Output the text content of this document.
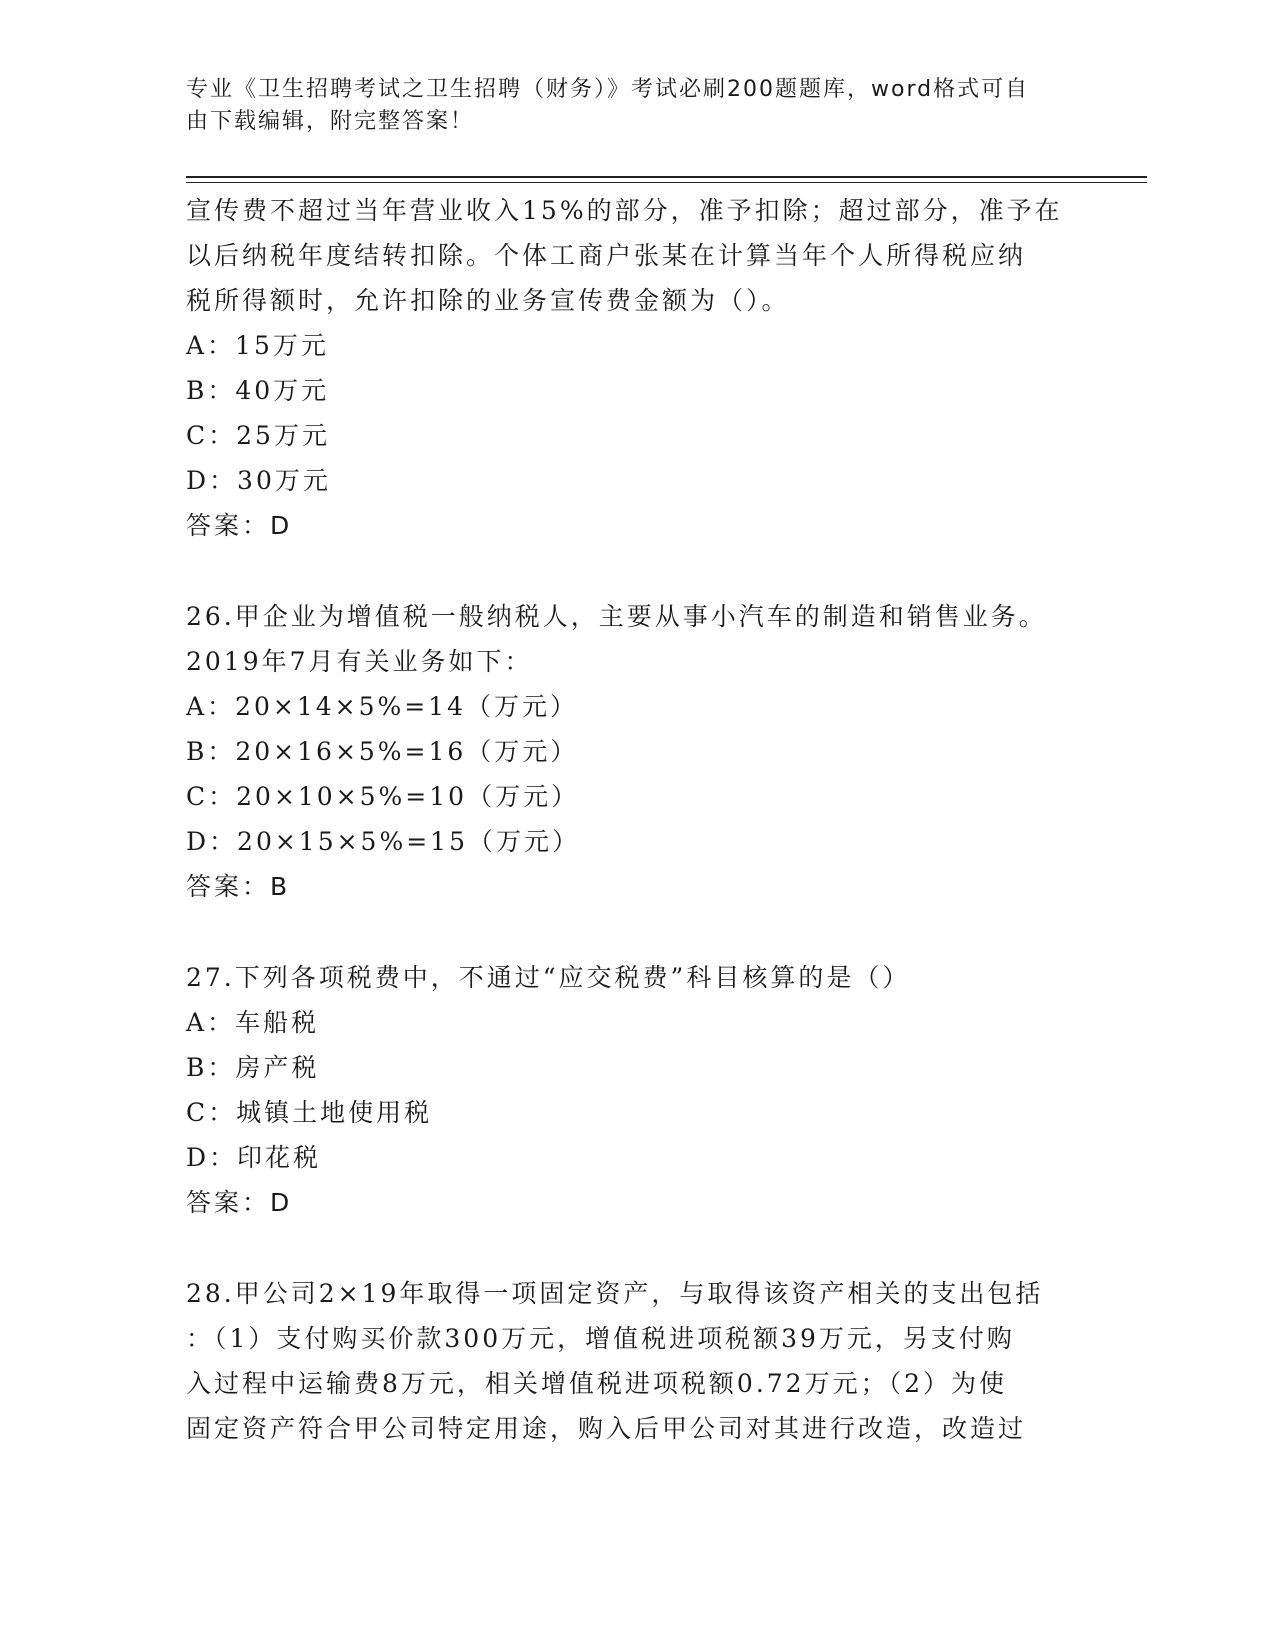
专业《卫生招聘考试之卫生招聘（财务）》考试必刷200题题库，word格式可自
由下载编辑，附完整答案！
宣传费不超过当年营业收入15%的部分，准予扣除；超过部分，准予在
以后纳税年度结转扣除。个体工商户张某在计算当年个人所得税应纳
税所得额时，允许扣除的业务宣传费金额为（）。
A：15万元
B：40万元
C：25万元
D：30万元
答案：D
26.甲企业为增值税一般纳税人，主要从事小汽车的制造和销售业务。
2019年7月有关业务如下：
A：20×14×5%=14（万元）
B：20×16×5%=16（万元）
C：20×10×5%=10（万元）
D：20×15×5%=15（万元）
答案：B
27.下列各项税费中，不通过“应交税费”科目核算的是（）
A：车船税
B：房产税
C：城镇土地使用税
D：印花税
答案：D
28.甲公司2×19年取得一项固定资产，与取得该资产相关的支出包括
：（1）支付购买价款300万元，增值税进项税额39万元，另支付购
入过程中运输费8万元，相关增值税进项税额0.72万元；（2）为使
固定资产符合甲公司特定用途，购入后甲公司对其进行改造，改造过
